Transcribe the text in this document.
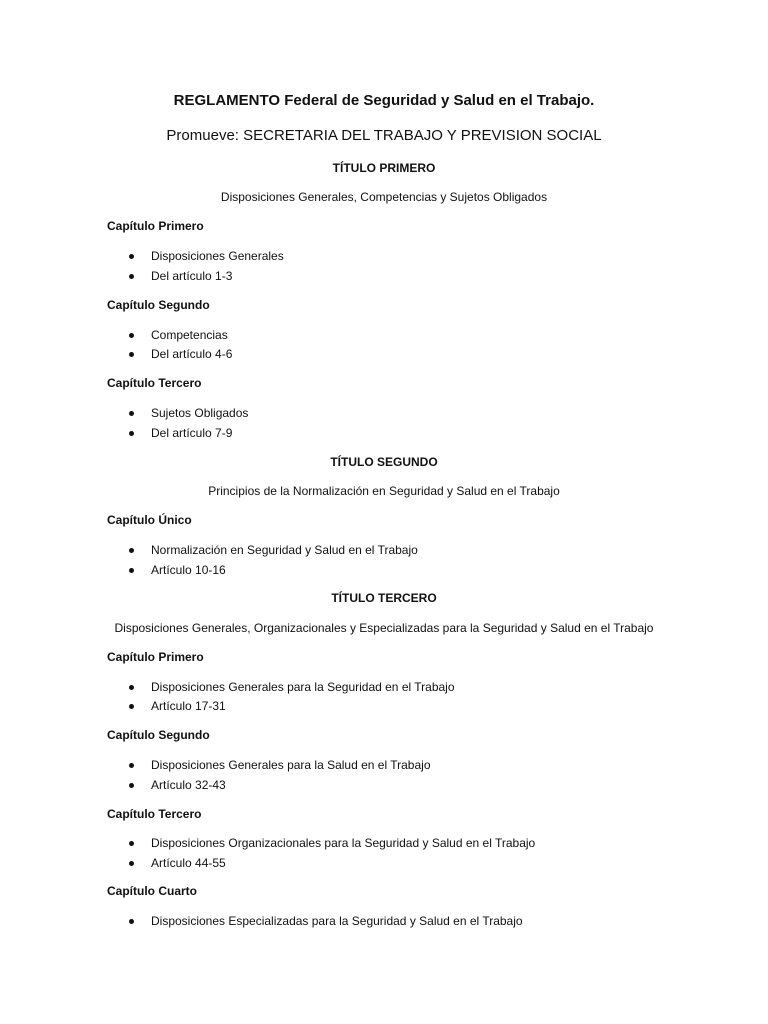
REGLAMENTO Federal de Seguridad y Salud en el Trabajo.

Promueve: SECRETARIA DEL TRABAJO Y PREVISION SOCIAL

TÍTULO PRIMERO

Disposiciones Generales, Competencias y Sujetos Obligados

Capítulo Primero

Disposiciones Generales
Del artículo 1-3

Capítulo Segundo

Competencias
Del artículo 4-6

Capítulo Tercero

Sujetos Obligados
Del artículo 7-9

TÍTULO SEGUNDO

Principios de la Normalización en Seguridad y Salud en el Trabajo

Capítulo Único

Normalización en Seguridad y Salud en el Trabajo
Artículo 10-16

TÍTULO TERCERO

Disposiciones Generales, Organizacionales y Especializadas para la Seguridad y Salud en el Trabajo

Capítulo Primero

Disposiciones Generales para la Seguridad en el Trabajo
Artículo 17-31

Capítulo Segundo

Disposiciones Generales para la Salud en el Trabajo
Artículo 32-43

Capítulo Tercero

Disposiciones Organizacionales para la Seguridad y Salud en el Trabajo
Artículo 44-55

Capítulo Cuarto

Disposiciones Especializadas para la Seguridad y Salud en el Trabajo
